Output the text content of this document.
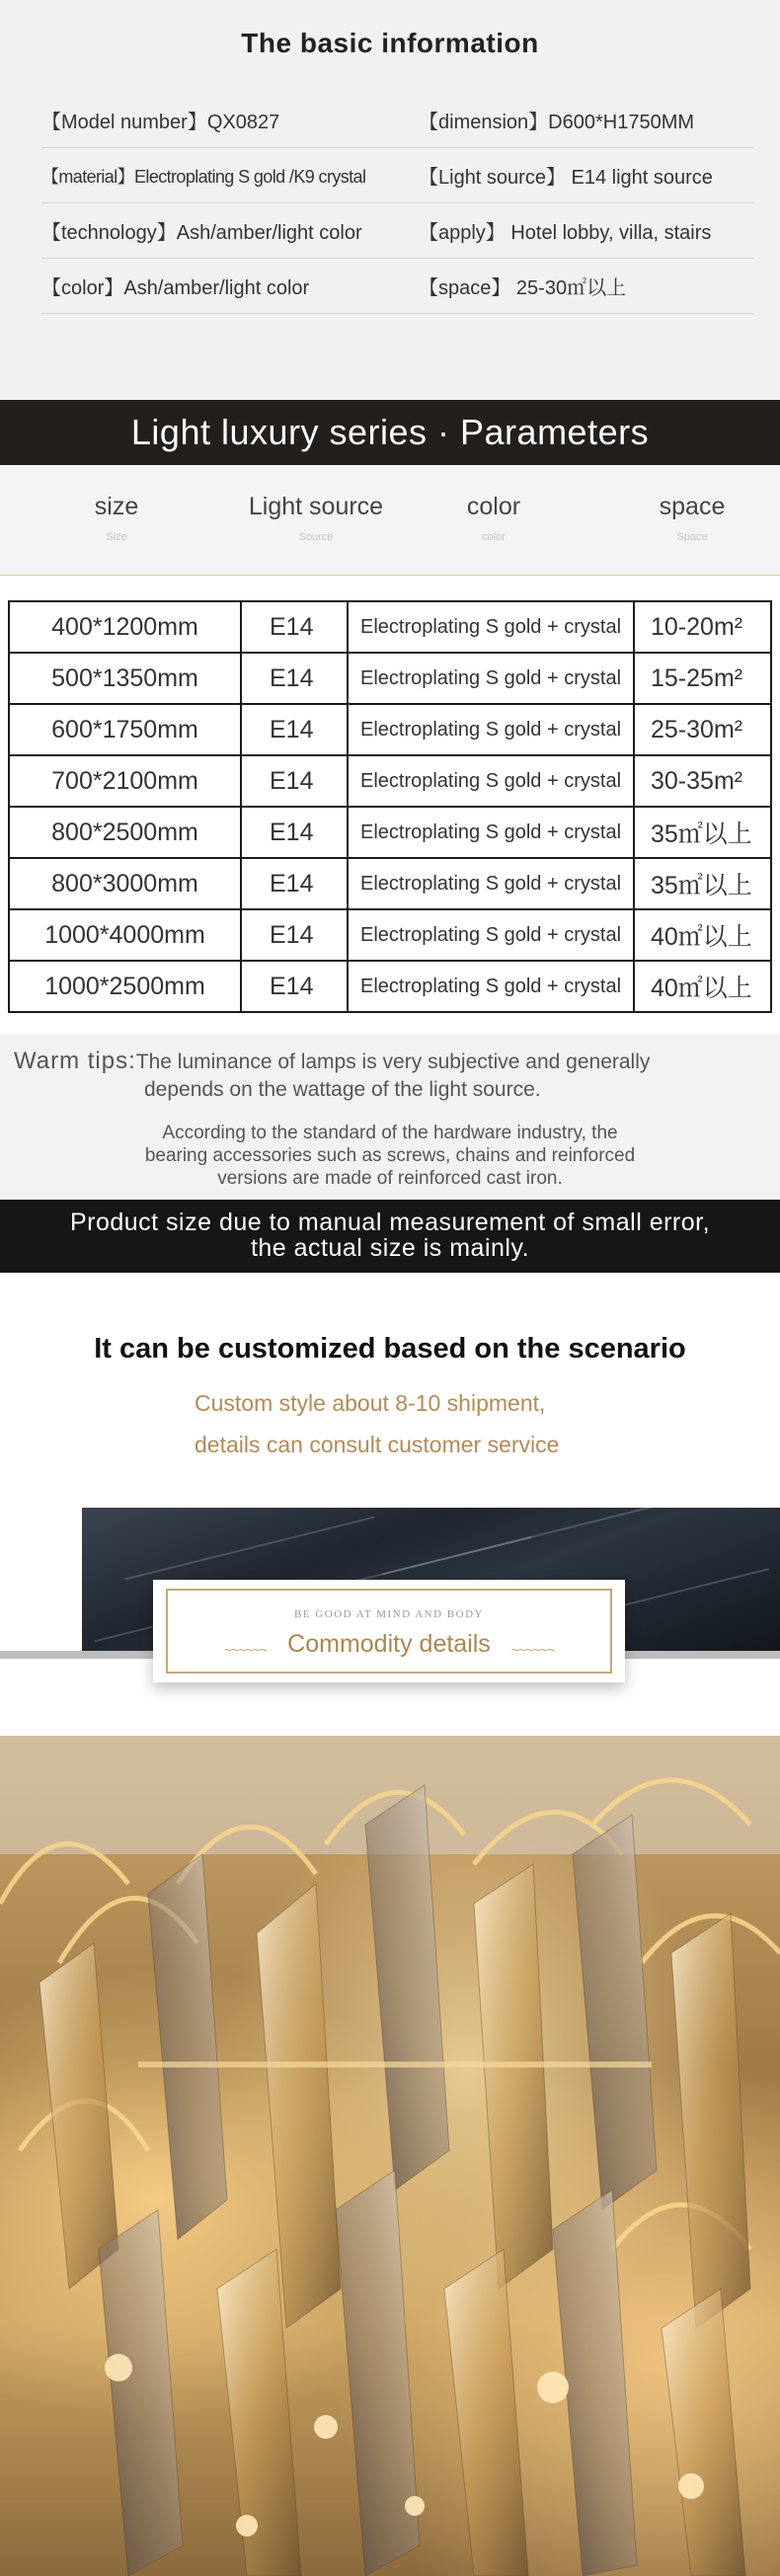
The basic information
【Model number】QX0827	【dimension】D600*H1750MM
【material】Electroplating S gold /K9 crystal	【Light source】 E14 light source
【technology】Ash/amber/light color	【apply】 Hotel lobby, villa, stairs
【color】Ash/amber/light color	【space】 25-30㎡以上
Light luxury series · Parameters
size
Size
Light source
Source
color
color
space
Space
400*1200mm	E14	Electroplating S gold + crystal	10-20m²
500*1350mm	E14	Electroplating S gold + crystal	15-25m²
600*1750mm	E14	Electroplating S gold + crystal	25-30m²
700*2100mm	E14	Electroplating S gold + crystal	30-35m²
800*2500mm	E14	Electroplating S gold + crystal	35㎡以上
800*3000mm	E14	Electroplating S gold + crystal	35㎡以上
1000*4000mm	E14	Electroplating S gold + crystal	40㎡以上
1000*2500mm	E14	Electroplating S gold + crystal	40㎡以上
Warm tips:The luminance of lamps is very subjective and generally
depends on the wattage of the light source.
According to the standard of the hardware industry, the
bearing accessories such as screws, chains and reinforced
versions are made of reinforced cast iron.
Product size due to manual measurement of small error,
the actual size is mainly.
It can be customized based on the scenario
Custom style about 8-10 shipment,
details can consult customer service
BE GOOD AT MIND AND BODY
Commodity details
~~~~~~	~~~~~~
